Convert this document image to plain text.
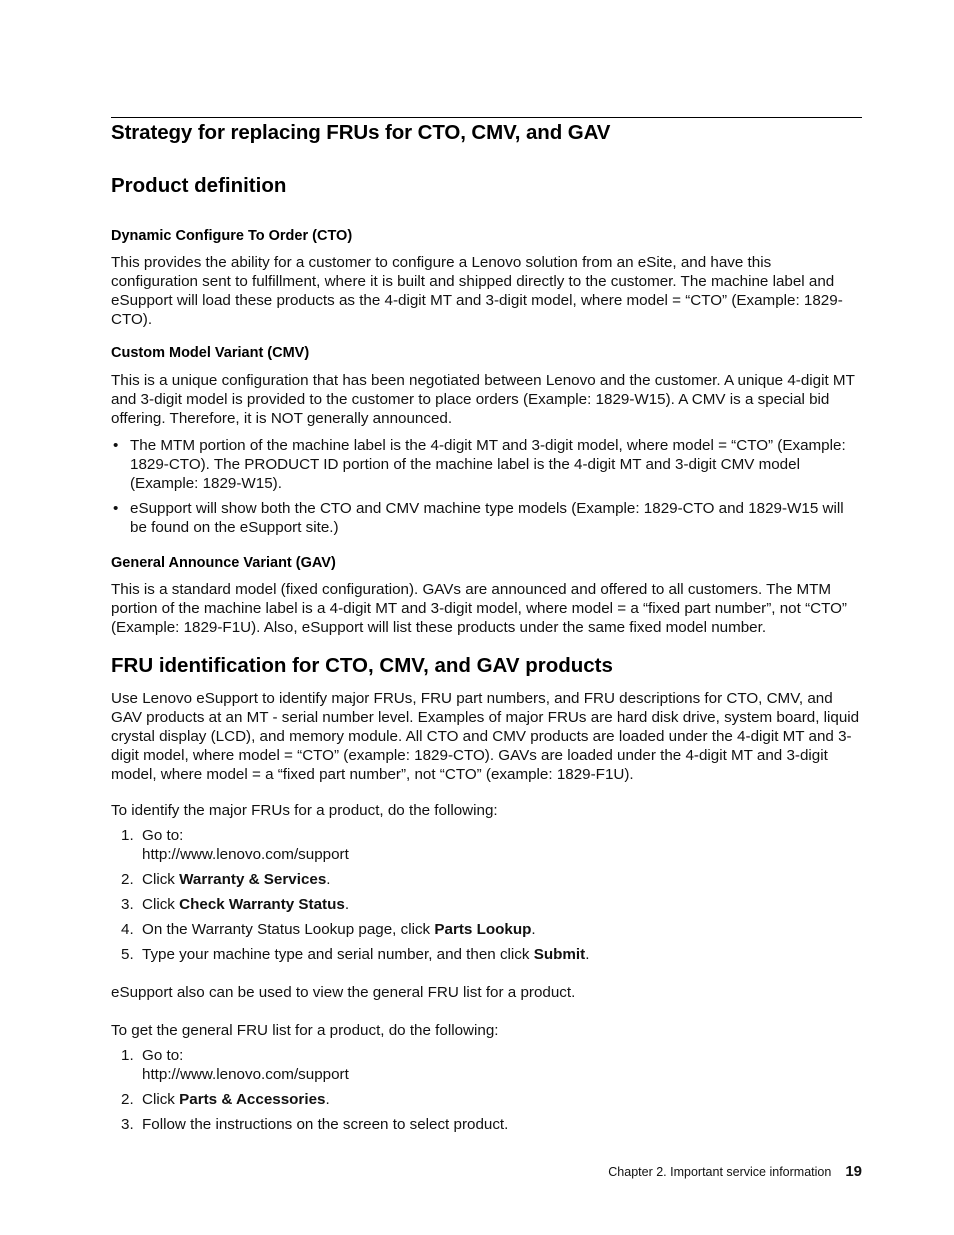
Strategy for replacing FRUs for CTO, CMV, and GAV
Product definition
Dynamic Configure To Order (CTO)

This provides the ability for a customer to configure a Lenovo solution from an eSite, and have this configuration sent to fulfillment, where it is built and shipped directly to the customer. The machine label and eSupport will load these products as the 4-digit MT and 3-digit model, where model = “CTO” (Example: 1829-CTO).

Custom Model Variant (CMV)

This is a unique configuration that has been negotiated between Lenovo and the customer. A unique 4-digit MT and 3-digit model is provided to the customer to place orders (Example: 1829-W15). A CMV is a special bid offering. Therefore, it is NOT generally announced.

• The MTM portion of the machine label is the 4-digit MT and 3-digit model, where model = “CTO” (Example: 1829-CTO). The PRODUCT ID portion of the machine label is the 4-digit MT and 3-digit CMV model (Example: 1829-W15).
• eSupport will show both the CTO and CMV machine type models (Example: 1829-CTO and 1829-W15 will be found on the eSupport site.)
General Announce Variant (GAV)

This is a standard model (fixed configuration). GAVs are announced and offered to all customers. The MTM portion of the machine label is a 4-digit MT and 3-digit model, where model = a “fixed part number”, not “CTO” (Example: 1829-F1U). Also, eSupport will list these products under the same fixed model number.

FRU identification for CTO, CMV, and GAV products

Use Lenovo eSupport to identify major FRUs, FRU part numbers, and FRU descriptions for CTO, CMV, and GAV products at an MT - serial number level. Examples of major FRUs are hard disk drive, system board, liquid crystal display (LCD), and memory module. All CTO and CMV products are loaded under the 4-digit MT and 3-digit model, where model = “CTO” (example: 1829-CTO). GAVs are loaded under the 4-digit MT and 3-digit model, where model = a “fixed part number”, not “CTO” (example: 1829-F1U).

To identify the major FRUs for a product, do the following:

1. Go to:
http://www.lenovo.com/support
2. Click Warranty & Services.
3. Click Check Warranty Status.
4. On the Warranty Status Lookup page, click Parts Lookup.
5. Type your machine type and serial number, and then click Submit.

eSupport also can be used to view the general FRU list for a product.

To get the general FRU list for a product, do the following:

1. Go to:
http://www.lenovo.com/support
2. Click Parts & Accessories.
3. Follow the instructions on the screen to select product.
Chapter 2. Important service information 19
